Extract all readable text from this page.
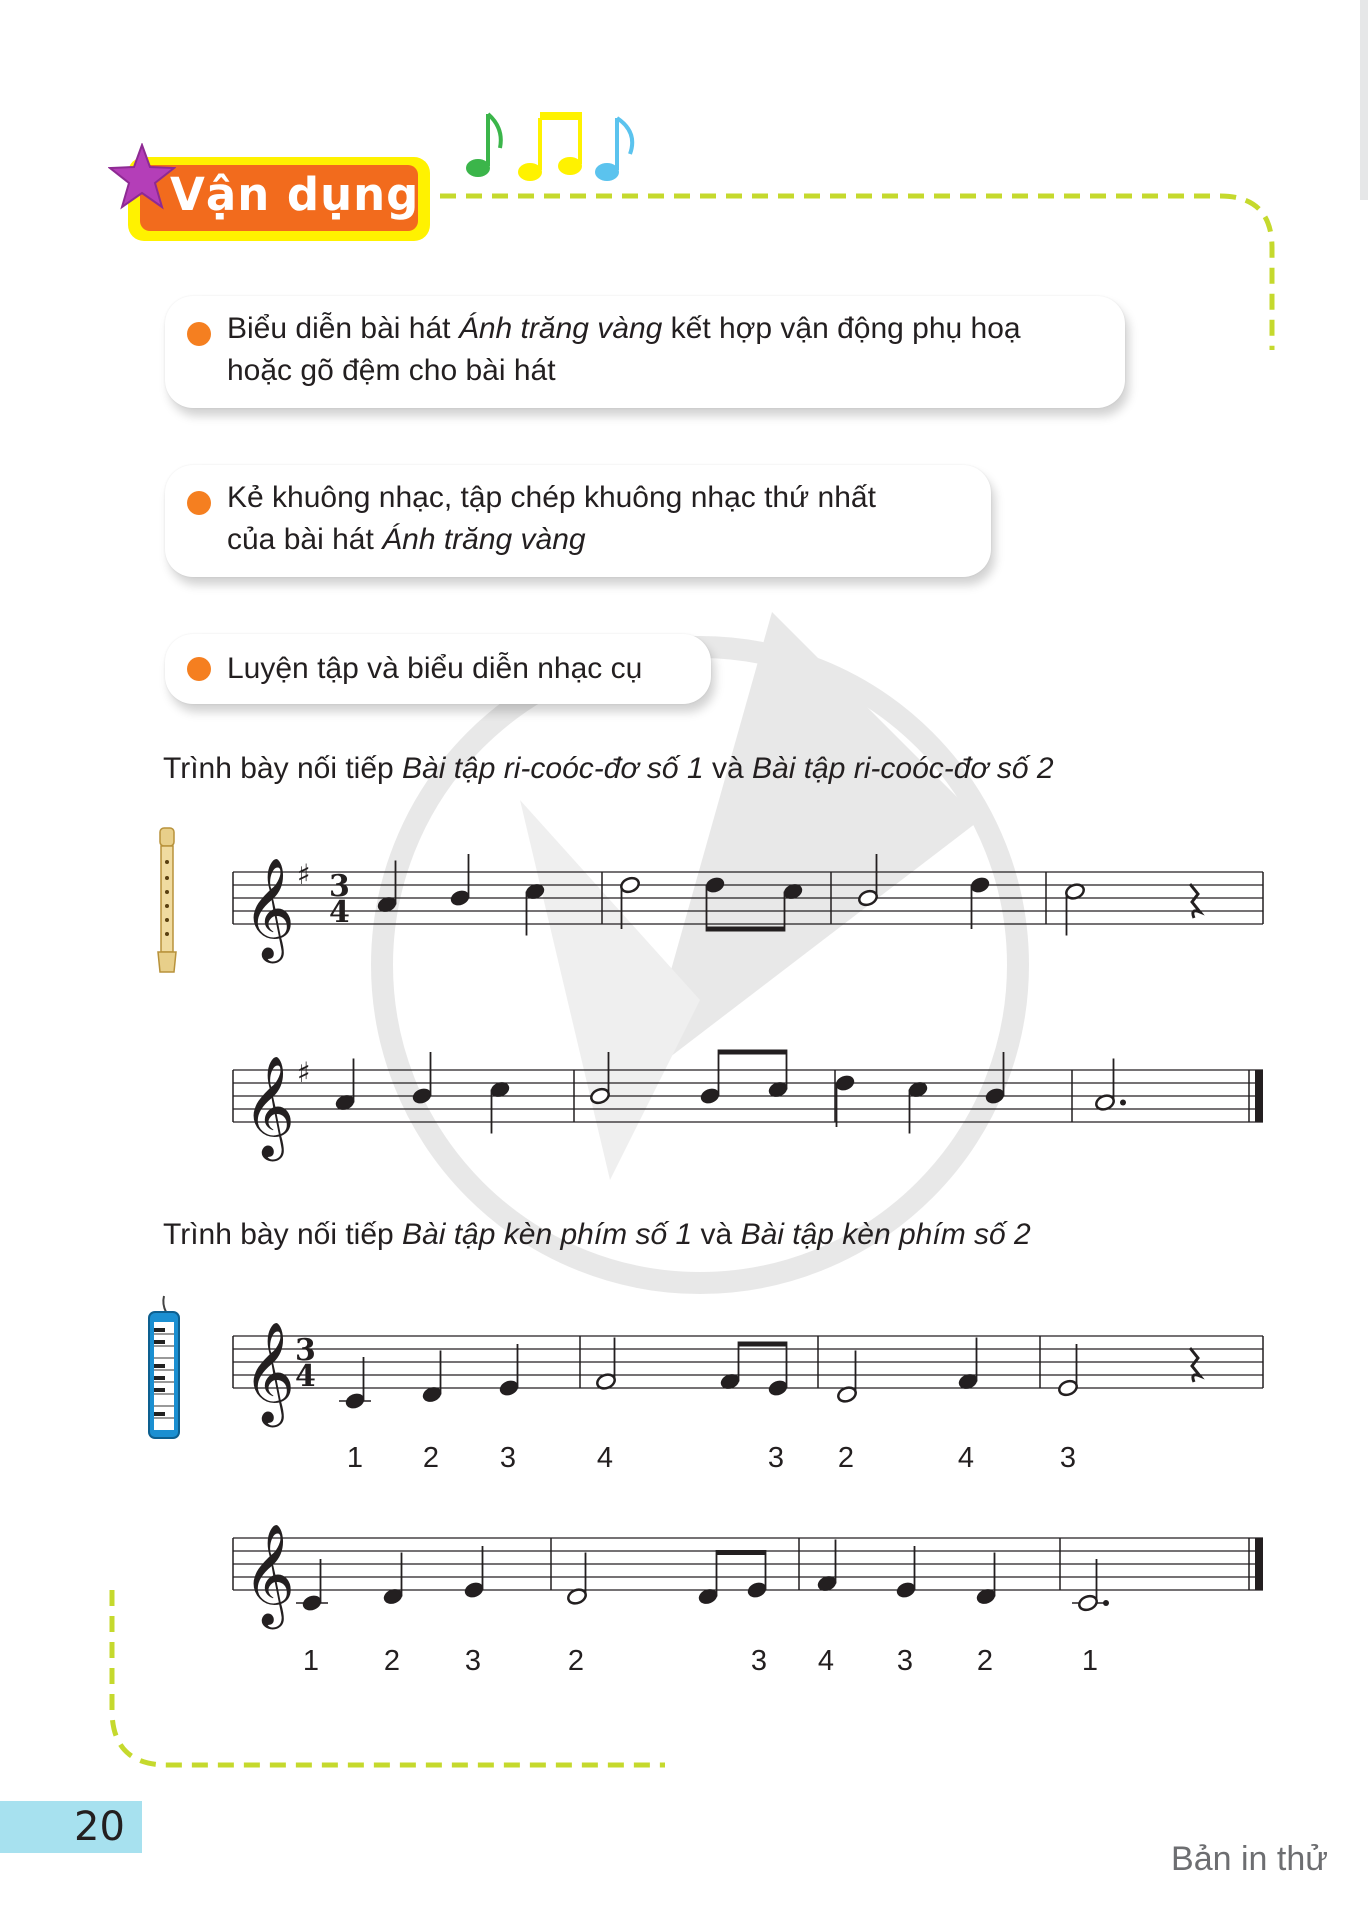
Vận dụng
Biểu diễn bài hát Ánh trăng vàng kết hợp vận động phụ hoạ
hoặc gõ đệm cho bài hát
Kẻ khuông nhạc, tập chép khuông nhạc thứ nhất
của bài hát Ánh trăng vàng
Luyện tập và biểu diễn nhạc cụ
Trình bày nối tiếp Bài tập ri-coóc-đơ số 1 và Bài tập ri-coóc-đơ số 2
𝄞 ♯ 3
4
𝄞 ♯
𝄞 3
4
𝄞
Trình bày nối tiếp Bài tập kèn phím số 1 và Bài tập kèn phím số 2
1	2	3	4	3	2	4	3
1	2	3	2	3	4	3	2	1
20
Bản in thử
